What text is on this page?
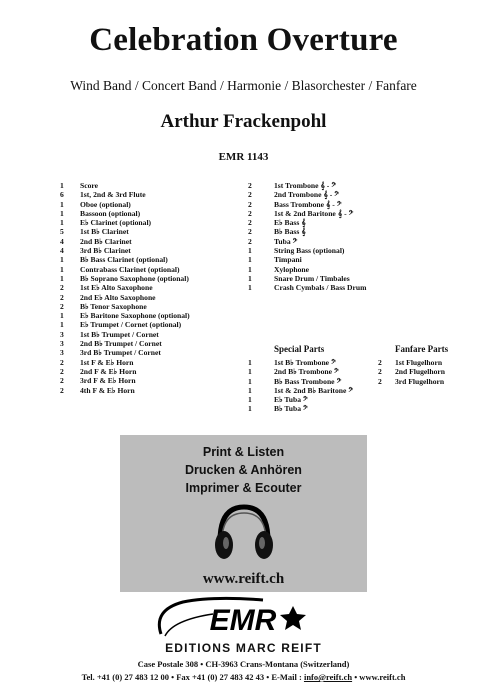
Celebration Overture
Wind Band / Concert Band / Harmonie / Blasorchester / Fanfare
Arthur Frackenpohl
EMR 1143
1	Score
6	1st, 2nd & 3rd Flute
1	Oboe (optional)
1	Bassoon (optional)
1	E♭ Clarinet (optional)
5	1st B♭ Clarinet
4	2nd B♭ Clarinet
4	3rd B♭ Clarinet
1	B♭ Bass Clarinet (optional)
1	Contrabass Clarinet (optional)
1	B♭ Soprano Saxophone (optional)
2	1st E♭ Alto Saxophone
2	2nd E♭ Alto Saxophone
2	B♭ Tenor Saxophone
1	E♭ Baritone Saxophone (optional)
1	E♭ Trumpet / Cornet (optional)
3	1st B♭ Trumpet / Cornet
3	2nd B♭ Trumpet / Cornet
3	3rd B♭ Trumpet / Cornet
2	1st F & E♭ Horn
2	2nd F & E♭ Horn
2	3rd F & E♭ Horn
2	4th F & E♭ Horn
2	1st Trombone 𝄞 - 𝄢
2	2nd Trombone 𝄞 - 𝄢
2	Bass Trombone 𝄞 - 𝄢
2	1st & 2nd Baritone 𝄞 - 𝄢
2	E♭ Bass 𝄞
2	B♭ Bass 𝄞
2	Tuba 𝄢
1	String Bass (optional)
1	Timpani
1	Xylophone
1	Snare Drum / Timbales
1	Crash Cymbals / Bass Drum
Special Parts
1	1st B♭ Trombone 𝄢
1	2nd B♭ Trombone 𝄢
1	B♭ Bass Trombone 𝄢
1	1st & 2nd B♭ Baritone 𝄢
1	E♭ Tuba 𝄢
1	B♭ Tuba 𝄢
Fanfare Parts
2	1st Flugelhorn
2	2nd Flugelhorn
2	3rd Flugelhorn
Print & Listen
Drucken & Anhören
Imprimer & Ecouter
www.reift.ch
EMR
EDITIONS MARC REIFT
Case Postale 308 • CH-3963 Crans-Montana (Switzerland)
Tel. +41 (0) 27 483 12 00 • Fax +41 (0) 27 483 42 43 • E-Mail : info@reift.ch • www.reift.ch
